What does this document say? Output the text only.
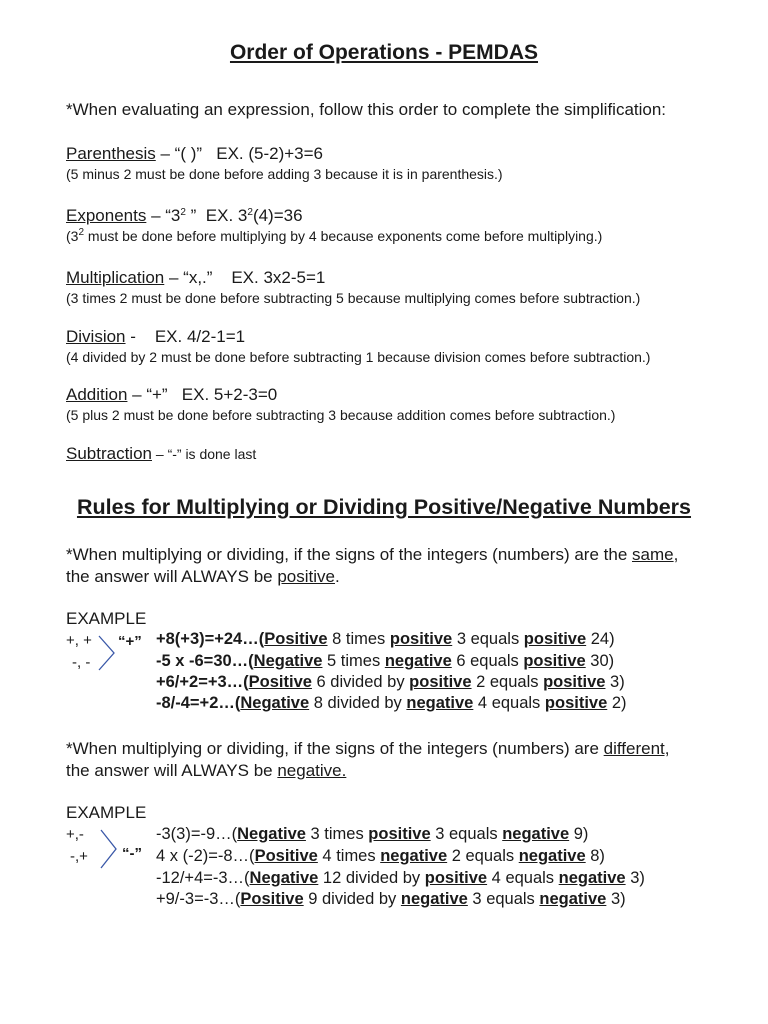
Order of Operations - PEMDAS
*When evaluating an expression, follow this order to complete the simplification:
Parenthesis – “( )” EX. (5-2)+3=6
(5 minus 2 must be done before adding 3 because it is in parenthesis.)
Exponents – “$3^2$ ” EX. $3^2(4)=36$
($3^2$ must be done before multiplying by 4 because exponents come before multiplying.)
Multiplication – “x,.” EX. 3x2-5=1
(3 times 2 must be done before subtracting 5 because multiplying comes before subtraction.)
Division - EX. 4/2-1=1
(4 divided by 2 must be done before subtracting 1 because division comes before subtraction.)
Addition – “+” EX. 5+2-3=0
(5 plus 2 must be done before subtracting 3 because addition comes before subtraction.)
Subtraction – “-” is done last
Rules for Multiplying or Dividing Positive/Negative Numbers
*When multiplying or dividing, if the signs of the integers (numbers) are the same,
the answer will ALWAYS be positive.
EXAMPLE
+, +
-, -
“+” +8(+3)=+24…(Positive 8 times positive 3 equals positive 24)
-5 x -6=30…(Negative 5 times negative 6 equals positive 30)
+6/+2=+3…(Positive 6 divided by positive 2 equals positive 3)
-8/-4=+2…(Negative 8 divided by negative 4 equals positive 2)
*When multiplying or dividing, if the signs of the integers (numbers) are different,
the answer will ALWAYS be negative.
EXAMPLE
+,-
-,+ “-”
-3(3)=-9…(Negative 3 times positive 3 equals negative 9)
4 x (-2)=-8…(Positive 4 times negative 2 equals negative 8)
-12/+4=-3…(Negative 12 divided by positive 4 equals negative 3)
+9/-3=-3…(Positive 9 divided by negative 3 equals negative 3)
